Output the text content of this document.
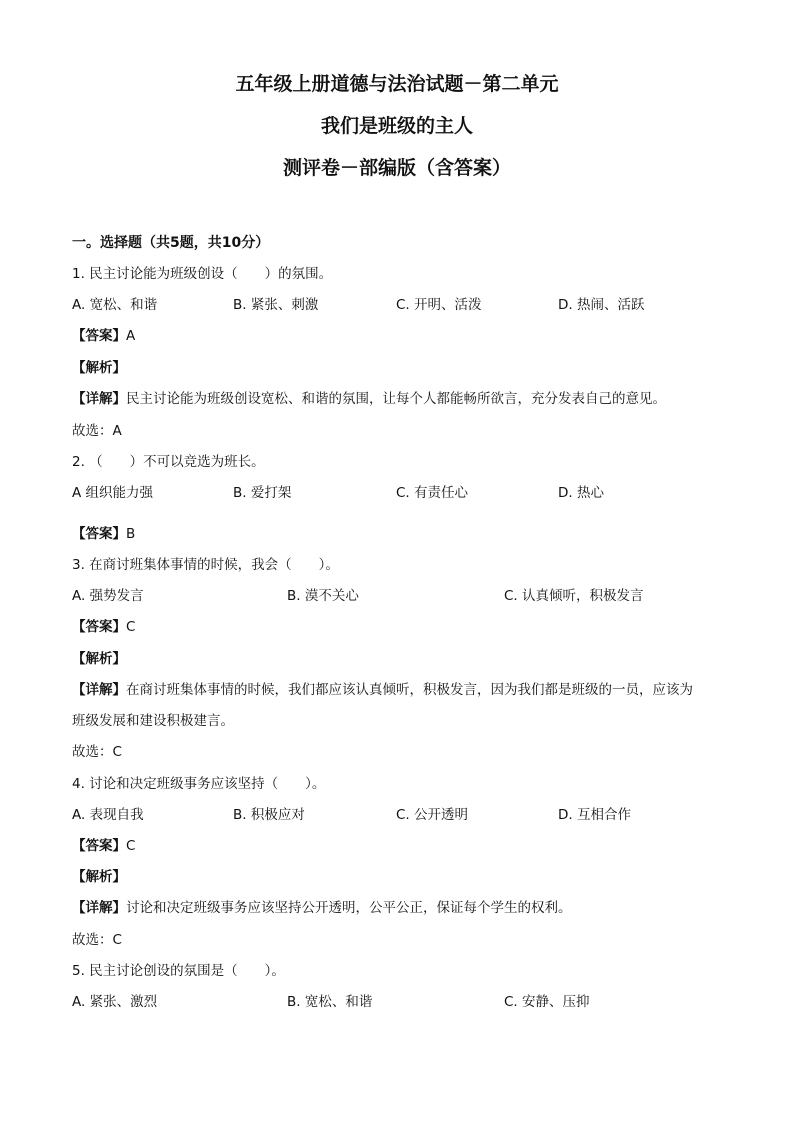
五年级上册道德与法治试题－第二单元
我们是班级的主人
测评卷－部编版（含答案）
一。选择题（共5题，共10分）
1. 民主讨论能为班级创设（　　）的氛围。
A. 宽松、和谐	B. 紧张、刺激	C. 开明、活泼	D. 热闹、活跃
【答案】A
【解析】
【详解】民主讨论能为班级创设宽松、和谐的氛围，让每个人都能畅所欲言，充分发表自己的意见。
故选：A
2. （　　）不可以竞选为班长。
A 组织能力强	B. 爱打架	C. 有责任心	D. 热心
【答案】B
3. 在商讨班集体事情的时候，我会（　　）。
A. 强势发言	B. 漠不关心	C. 认真倾听，积极发言
【答案】C
【解析】
【详解】在商讨班集体事情的时候，我们都应该认真倾听，积极发言，因为我们都是班级的一员，应该为
班级发展和建设积极建言。
故选：C
4. 讨论和决定班级事务应该坚持（　　）。
A. 表现自我	B. 积极应对	C. 公开透明	D. 互相合作
【答案】C
【解析】
【详解】讨论和决定班级事务应该坚持公开透明，公平公正，保证每个学生的权利。
故选：C
5. 民主讨论创设的氛围是（　　）。
A. 紧张、激烈	B. 宽松、和谐	C. 安静、压抑
